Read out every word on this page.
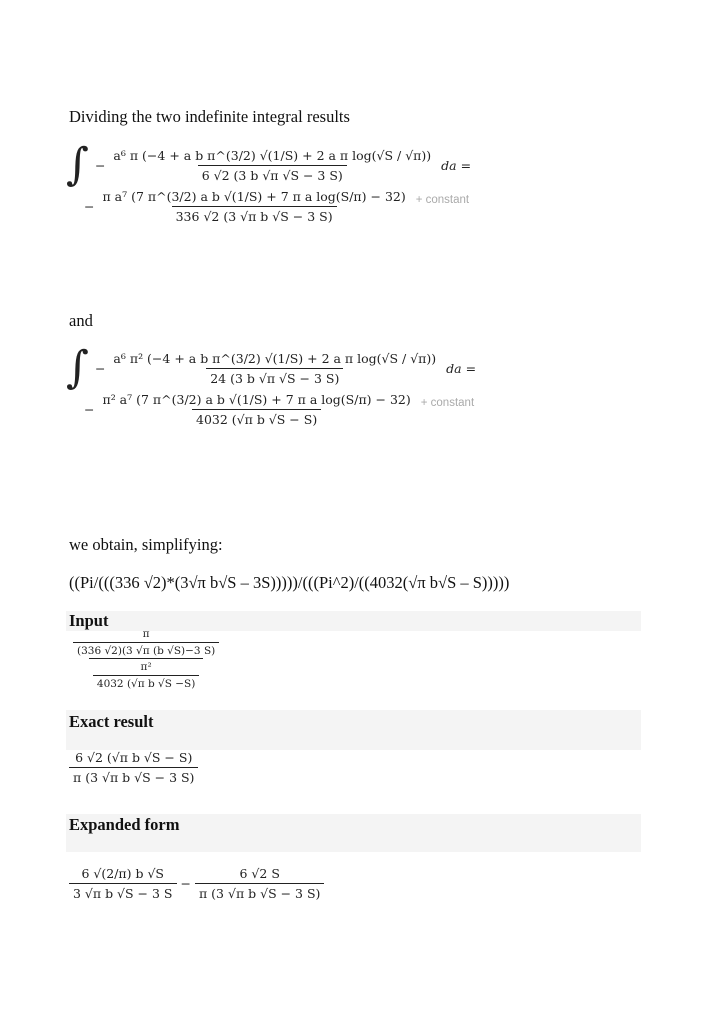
Dividing the two indefinite integral results
∫ − $\frac{\text{a⁶ π (−4 + a b π\textasciicircum{}(3/2) √(1/S) + 2 a π log(√S / √π))}}{6 √2 (3 b √\pi √S - 3 S)}$ da =
− $\frac{\text{π a⁷ (7 π\textasciicircum{}(3/2) a b √(1/S) + 7 π a log(S/π) − 32)}}{\text{336 √2 (3 √π b √S − 3 S)}}$ + constant
and
∫ − $\frac{\text{a⁶ π² (−4 + a b π\textasciicircum{}(3/2) √(1/S) + 2 a π log(√S / √π))}}{24 (3 b √\pi √S - 3 S)}$ da =
− $\frac{\text{π² a⁷ (7 π\textasciicircum{}(3/2) a b √(1/S) + 7 π a log(S/π) − 32)}}{\text{4032 (√π b √S − S)}}$ + constant
we obtain, simplifying:
((Pi/(((336 √2)*(3√π b√S – 3S)))))/(((Pi^2)/((4032(√π b√S – S)))))
Input
$\frac{\frac{\pi}{(336 √2)(3 √\pi (b √S)-3 S)}}{\frac{\text{π²}}{\text{4032 (√π b √S −S)}}}$
Exact result
$\frac{\text{6 √2 (√π b √S − S)}}{\text{π (3 √π b √S − 3 S)}}$
Expanded form
$\frac{6 √(2/\pi) b √S}{\text{3 √π b √S − 3 S}} - \frac{6 √2 S}{\text{π (3 √π b √S − 3 S)}}$
